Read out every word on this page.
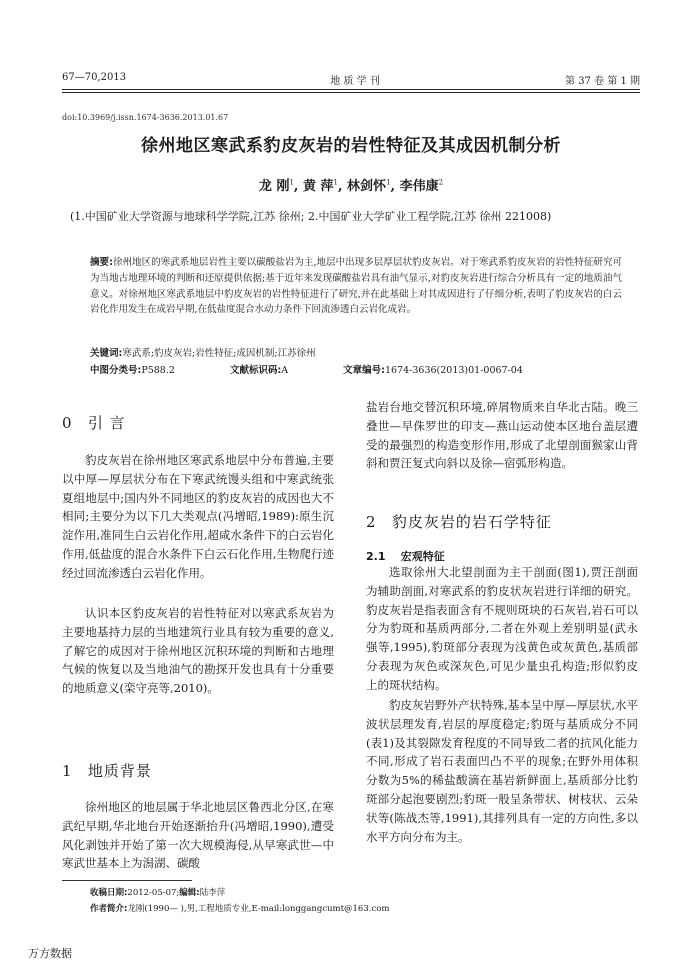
67—70,2013	地 质 学 刊	第 37 卷 第 1 期
doi:10.3969/j.issn.1674-3636.2013.01.67
徐州地区寒武系豹皮灰岩的岩性特征及其成因机制分析
龙 刚$^1$, 黄 萍$^1$, 林剑怀$^1$, 李伟康$^2$
(1.中国矿业大学资源与地球科学学院,江苏 徐州; 2.中国矿业大学矿业工程学院,江苏 徐州 221008)
摘要:徐州地区的寒武系地层岩性主要以碳酸盐岩为主,地层中出现多层厚层状豹皮灰岩。对于寒武系豹皮灰岩的岩性特征研究可为当地古地理环境的判断和还原提供依据;基于近年来发现碳酸盐岩具有油气显示,对豹皮灰岩进行综合分析具有一定的地质油气意义。对徐州地区寒武系地层中豹皮灰岩的岩性特征进行了研究,并在此基础上对其成因进行了仔细分析,表明了豹皮灰岩的白云岩化作用发生在成岩早期,在低盐度混合水动力条件下回流渗透白云岩化成岩。
关键词:寒武系;豹皮灰岩;岩性特征;成因机制;江苏徐州
中图分类号:P588.2	文献标识码:A	文章编号:1674-3636(2013)01-0067-04
0 引 言

豹皮灰岩在徐州地区寒武系地层中分布普遍,主要以中厚—厚层状分布在下寒武统馒头组和中寒武统张夏组地层中;国内外不同地区的豹皮灰岩的成因也大不相同;主要分为以下几大类观点(冯增昭,1989):原生沉淀作用,准同生白云岩化作用,超咸水条件下的白云岩化作用,低盐度的混合水条件下白云石化作用,生物爬行迹经过回流渗透白云岩化作用。

认识本区豹皮灰岩的岩性特征对以寒武系灰岩为主要地基持力层的当地建筑行业具有较为重要的意义,了解它的成因对于徐州地区沉积环境的判断和古地理气候的恢复以及当地油气的勘探开发也具有十分重要的地质意义(栾守亮等,2010)。

1 地质背景

徐州地区的地层属于华北地层区鲁西北分区,在寒武纪早期,华北地台开始逐渐抬升(冯增昭,1990),遭受风化剥蚀并开始了第一次大规模海侵,从早寒武世—中寒武世基本上为潟湖、碳酸

盐岩台地交替沉积环境,碎屑物质来自华北古陆。晚三叠世—早侏罗世的印支—燕山运动使本区地台盖层遭受的最强烈的构造变形作用,形成了北望剖面猴家山背斜和贾汪复式向斜以及徐—宿弧形构造。

2 豹皮灰岩的岩石学特征
2.1 宏观特征

选取徐州大北望剖面为主干剖面(图1),贾汪剖面为辅助剖面,对寒武系的豹皮状灰岩进行详细的研究。豹皮灰岩是指表面含有不规则斑块的石灰岩,岩石可以分为豹斑和基质两部分,二者在外观上差别明显(武永强等,1995),豹斑部分表现为浅黄色或灰黄色,基质部分表现为灰色或深灰色,可见少量虫孔构造;形似豹皮上的斑状结构。

豹皮灰岩野外产状特殊,基本呈中厚—厚层状,水平波状层理发育,岩层的厚度稳定;豹斑与基质成分不同(表1)及其裂隙发育程度的不同导致二者的抗风化能力不同,形成了岩石表面凹凸不平的现象;在野外用体积分数为5%的稀盐酸滴在基岩新鲜面上,基质部分比豹斑部分起泡要剧烈;豹斑一般呈条带状、树枝状、云朵状等(陈战杰等,1991),其排列具有一定的方向性,多以水平方向分布为主。

收稿日期:2012-05-07;编辑:陆李萍
作者简介:龙刚(1990— ),男,工程地质专业,E-mail:longgangcumt@163.com
万方数据
